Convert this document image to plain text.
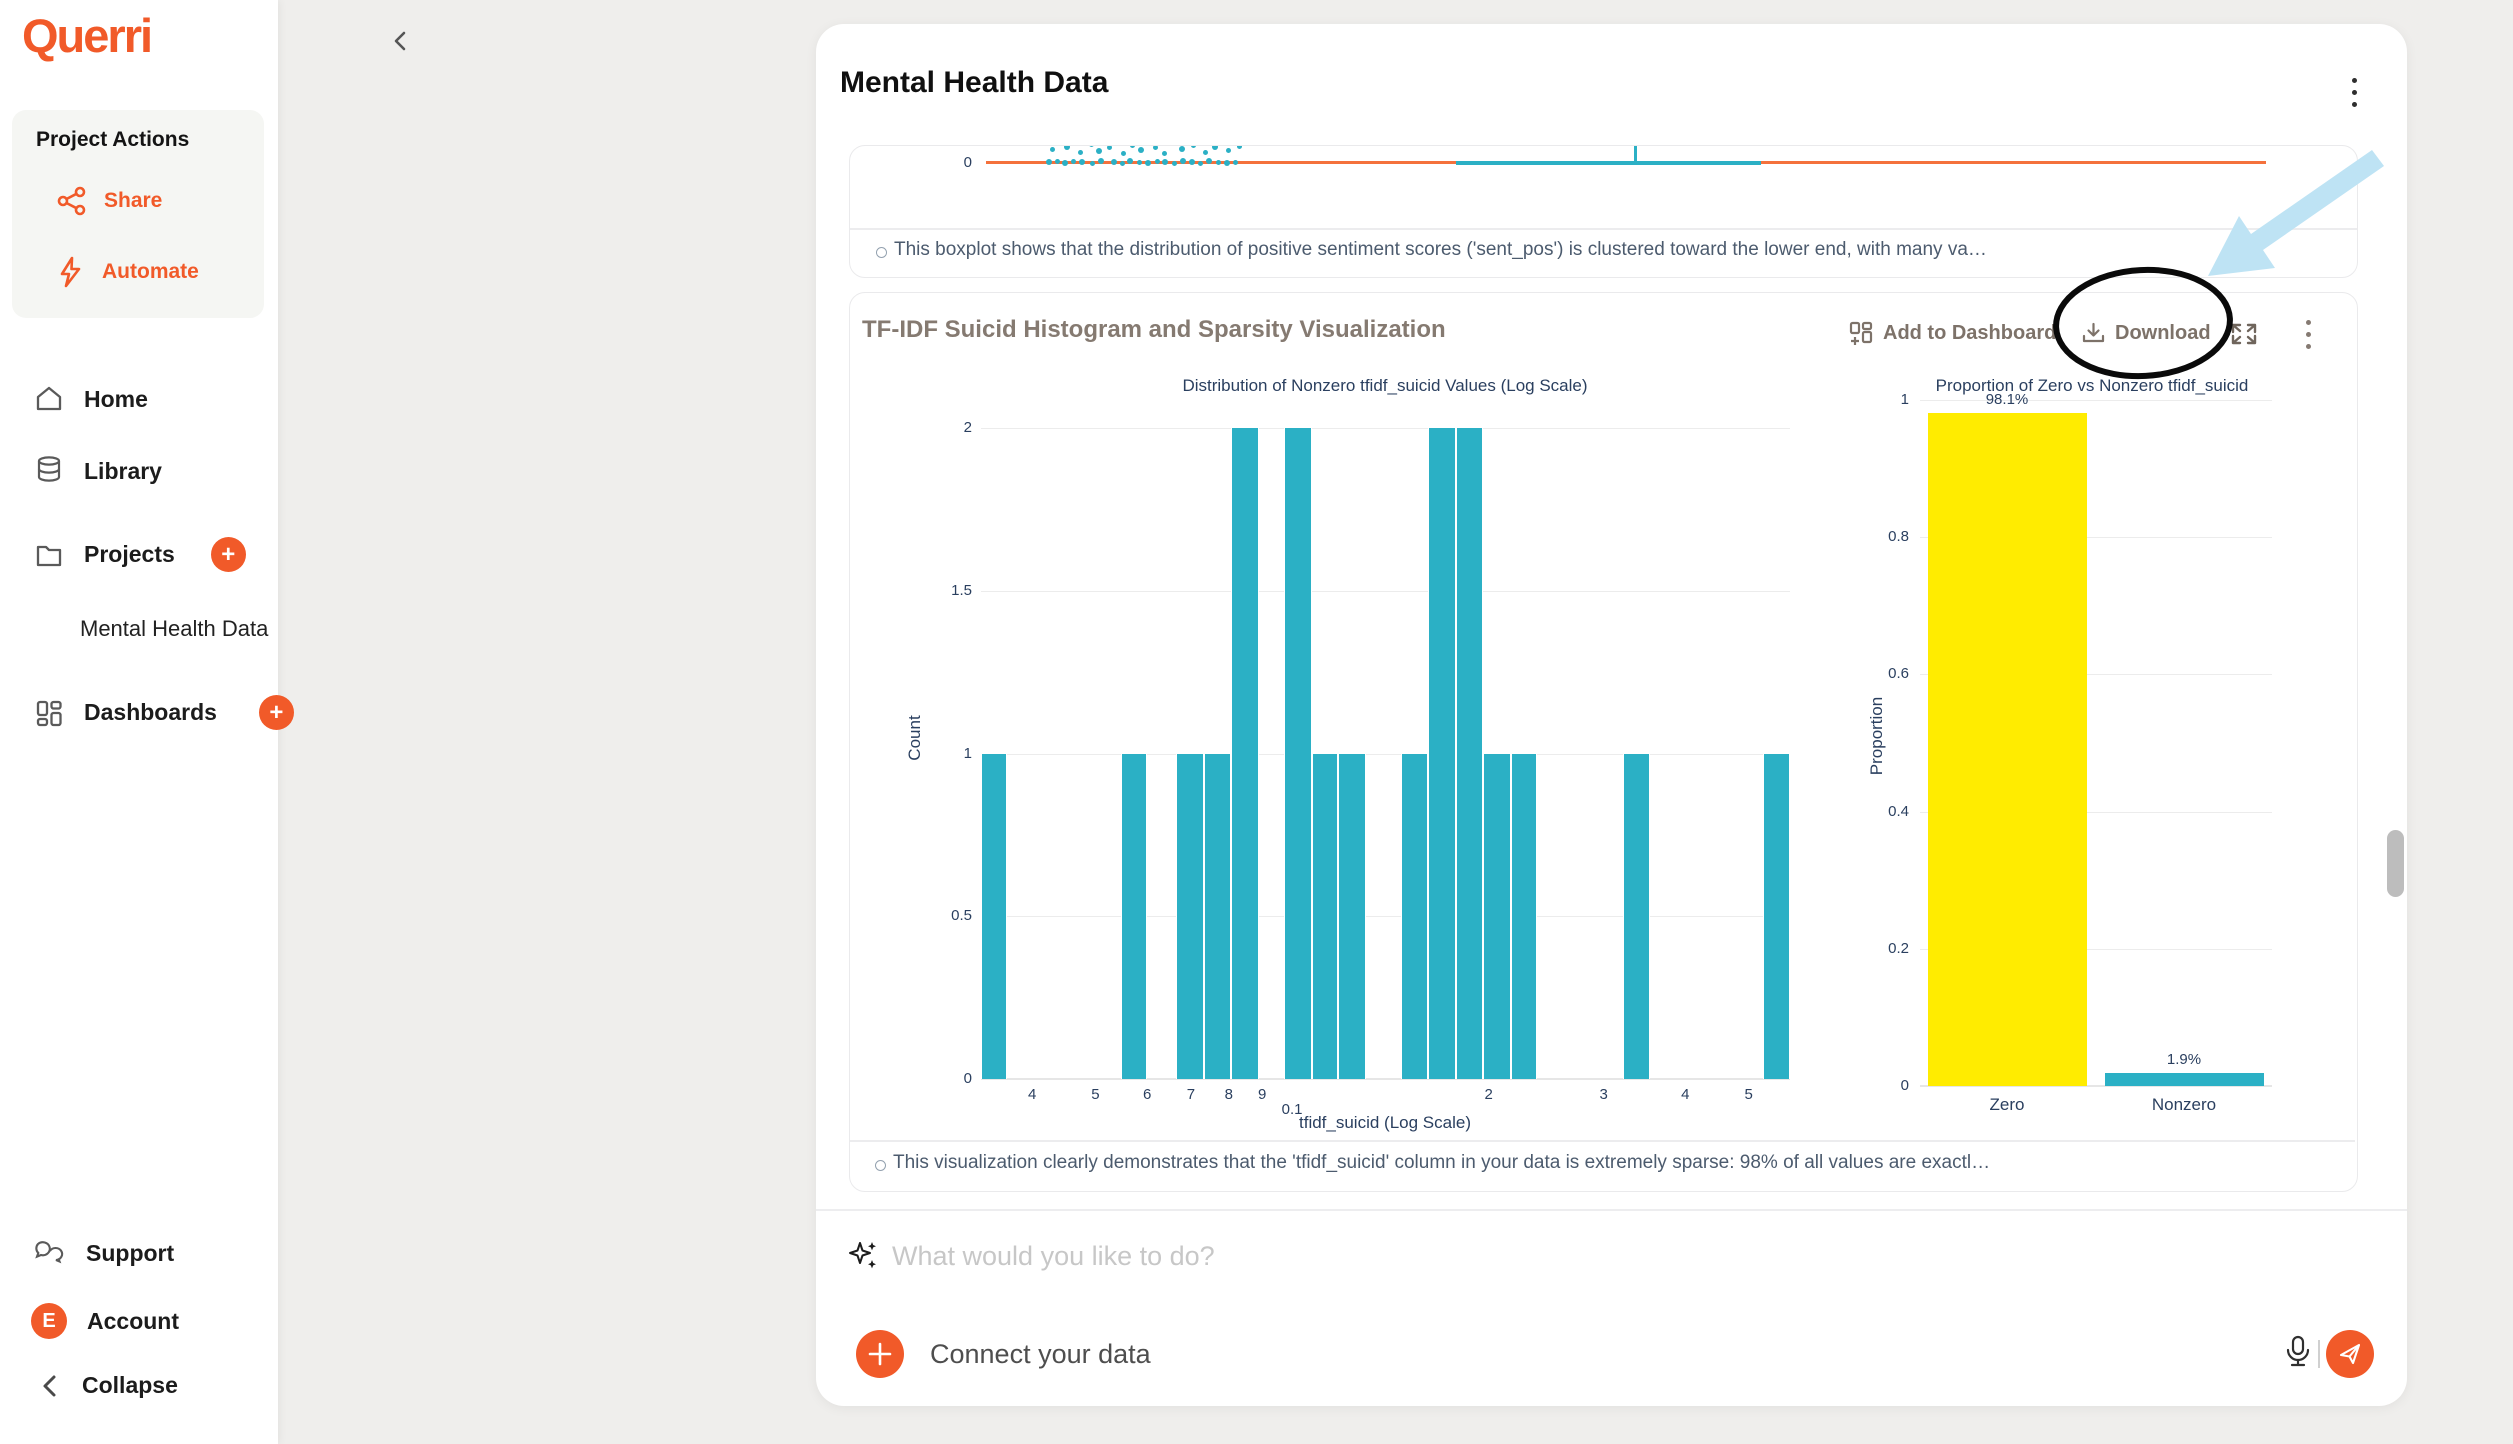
Querri
Project Actions
Share
Automate
Home
Library
Projects	+
Mental Health Data
Dashboards	+
Support
E	Account
Collapse
Mental Health Data
0
This boxplot shows that the distribution of positive sentiment scores ('sent_pos') is clustered toward the lower end, with many va…
TF-IDF Suicid Histogram and Sparsity Visualization	Add to Dashboard	Download
Distribution of Nonzero tfidf_suicid Values (Log Scale)	Proportion of Zero vs Nonzero tfidf_suicid
Count
tfidf_suicid (Log Scale)
Proportion
This visualization clearly demonstrates that the 'tfidf_suicid' column in your data is extremely sparse: 98% of all values are exactl…
What would you like to do?
Connect your data
0
0.5
1
1.5
2
4	5	6	7	8	9
0.1
2	3	4	5
0
0.2
0.4
0.6
0.8
1	98.1%
Zero
1.9%
Nonzero
